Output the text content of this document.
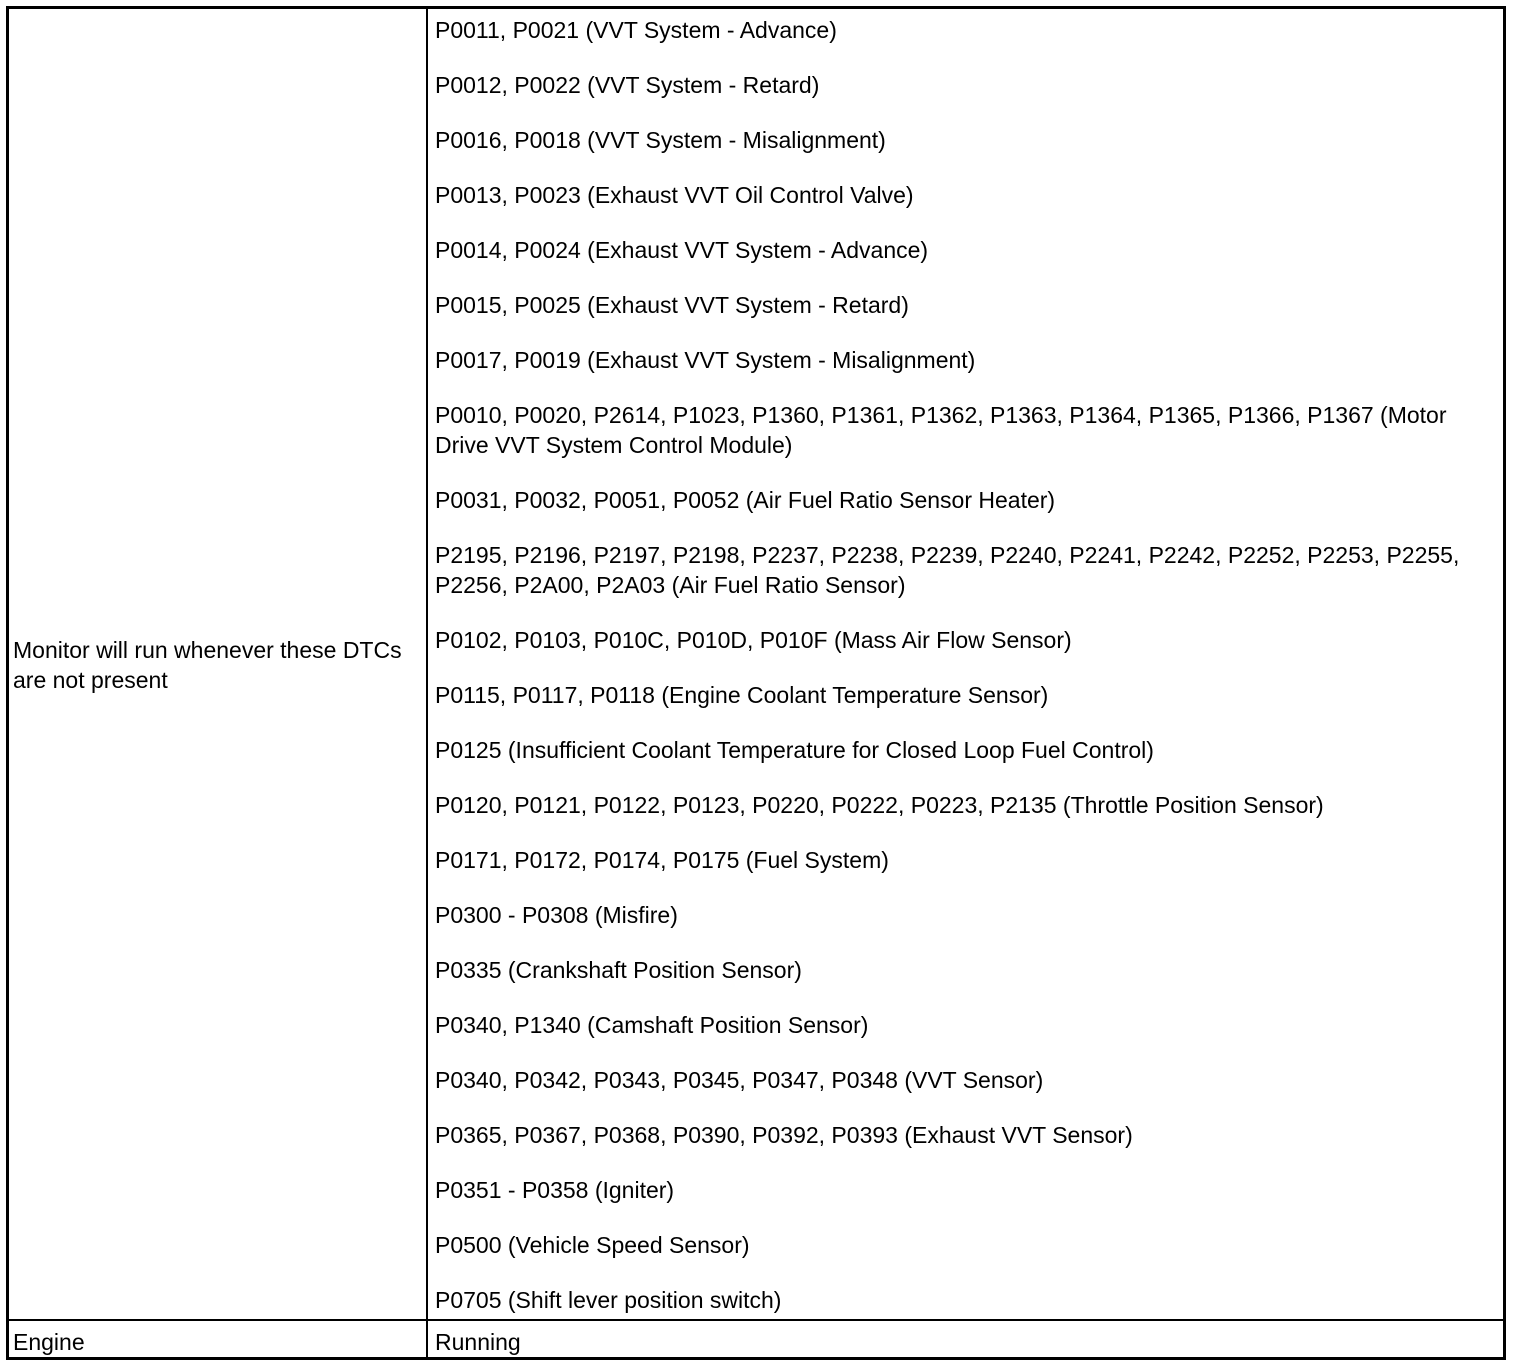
Monitor will run whenever these DTCs are not present
P0011, P0021 (VVT System - Advance)
P0012, P0022 (VVT System - Retard)
P0016, P0018 (VVT System - Misalignment)
P0013, P0023 (Exhaust VVT Oil Control Valve)
P0014, P0024 (Exhaust VVT System - Advance)
P0015, P0025 (Exhaust VVT System - Retard)
P0017, P0019 (Exhaust VVT System - Misalignment)
P0010, P0020, P2614, P1023, P1360, P1361, P1362, P1363, P1364, P1365, P1366, P1367 (Motor Drive VVT System Control Module)
P0031, P0032, P0051, P0052 (Air Fuel Ratio Sensor Heater)
P2195, P2196, P2197, P2198, P2237, P2238, P2239, P2240, P2241, P2242, P2252, P2253, P2255, P2256, P2A00, P2A03 (Air Fuel Ratio Sensor)
P0102, P0103, P010C, P010D, P010F (Mass Air Flow Sensor)
P0115, P0117, P0118 (Engine Coolant Temperature Sensor)
P0125 (Insufficient Coolant Temperature for Closed Loop Fuel Control)
P0120, P0121, P0122, P0123, P0220, P0222, P0223, P2135 (Throttle Position Sensor)
P0171, P0172, P0174, P0175 (Fuel System)
P0300 - P0308 (Misfire)
P0335 (Crankshaft Position Sensor)
P0340, P1340 (Camshaft Position Sensor)
P0340, P0342, P0343, P0345, P0347, P0348 (VVT Sensor)
P0365, P0367, P0368, P0390, P0392, P0393 (Exhaust VVT Sensor)
P0351 - P0358 (Igniter)
P0500 (Vehicle Speed Sensor)
P0705 (Shift lever position switch)
Engine	Running
